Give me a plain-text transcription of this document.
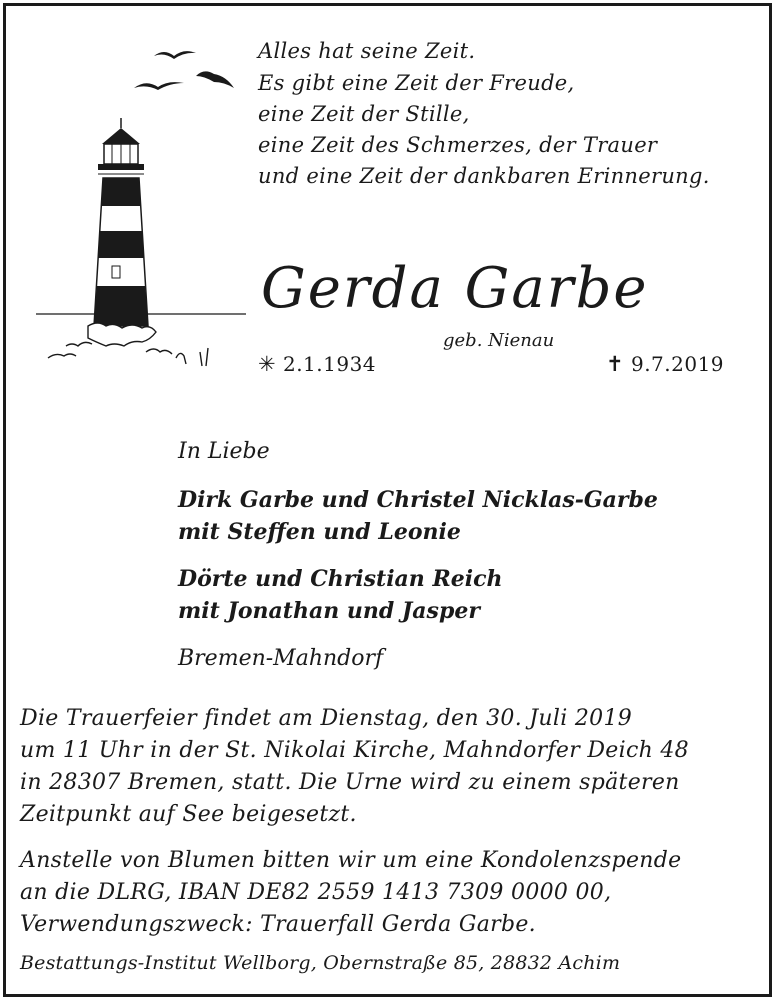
Alles hat seine Zeit.
Es gibt eine Zeit der Freude,
eine Zeit der Stille,
eine Zeit des Schmerzes, der Trauer
und eine Zeit der dankbaren Erinnerung.
Gerda Garbe
geb. Nienau
✳ 2.1.1934	✝ 9.7.2019
In Liebe
Dirk Garbe und Christel Nicklas-Garbe
mit Steffen und Leonie
Dörte und Christian Reich
mit Jonathan und Jasper
Bremen-Mahndorf
Die Trauerfeier findet am Dienstag, den 30. Juli 2019
um 11 Uhr in der St. Nikolai Kirche, Mahndorfer Deich 48
in 28307 Bremen, statt. Die Urne wird zu einem späteren
Zeitpunkt auf See beigesetzt.
Anstelle von Blumen bitten wir um eine Kondolenzspende
an die DLRG, IBAN DE82 2559 1413 7309 0000 00,
Verwendungszweck: Trauerfall Gerda Garbe.
Bestattungs-Institut Wellborg, Obernstraße 85, 28832 Achim
